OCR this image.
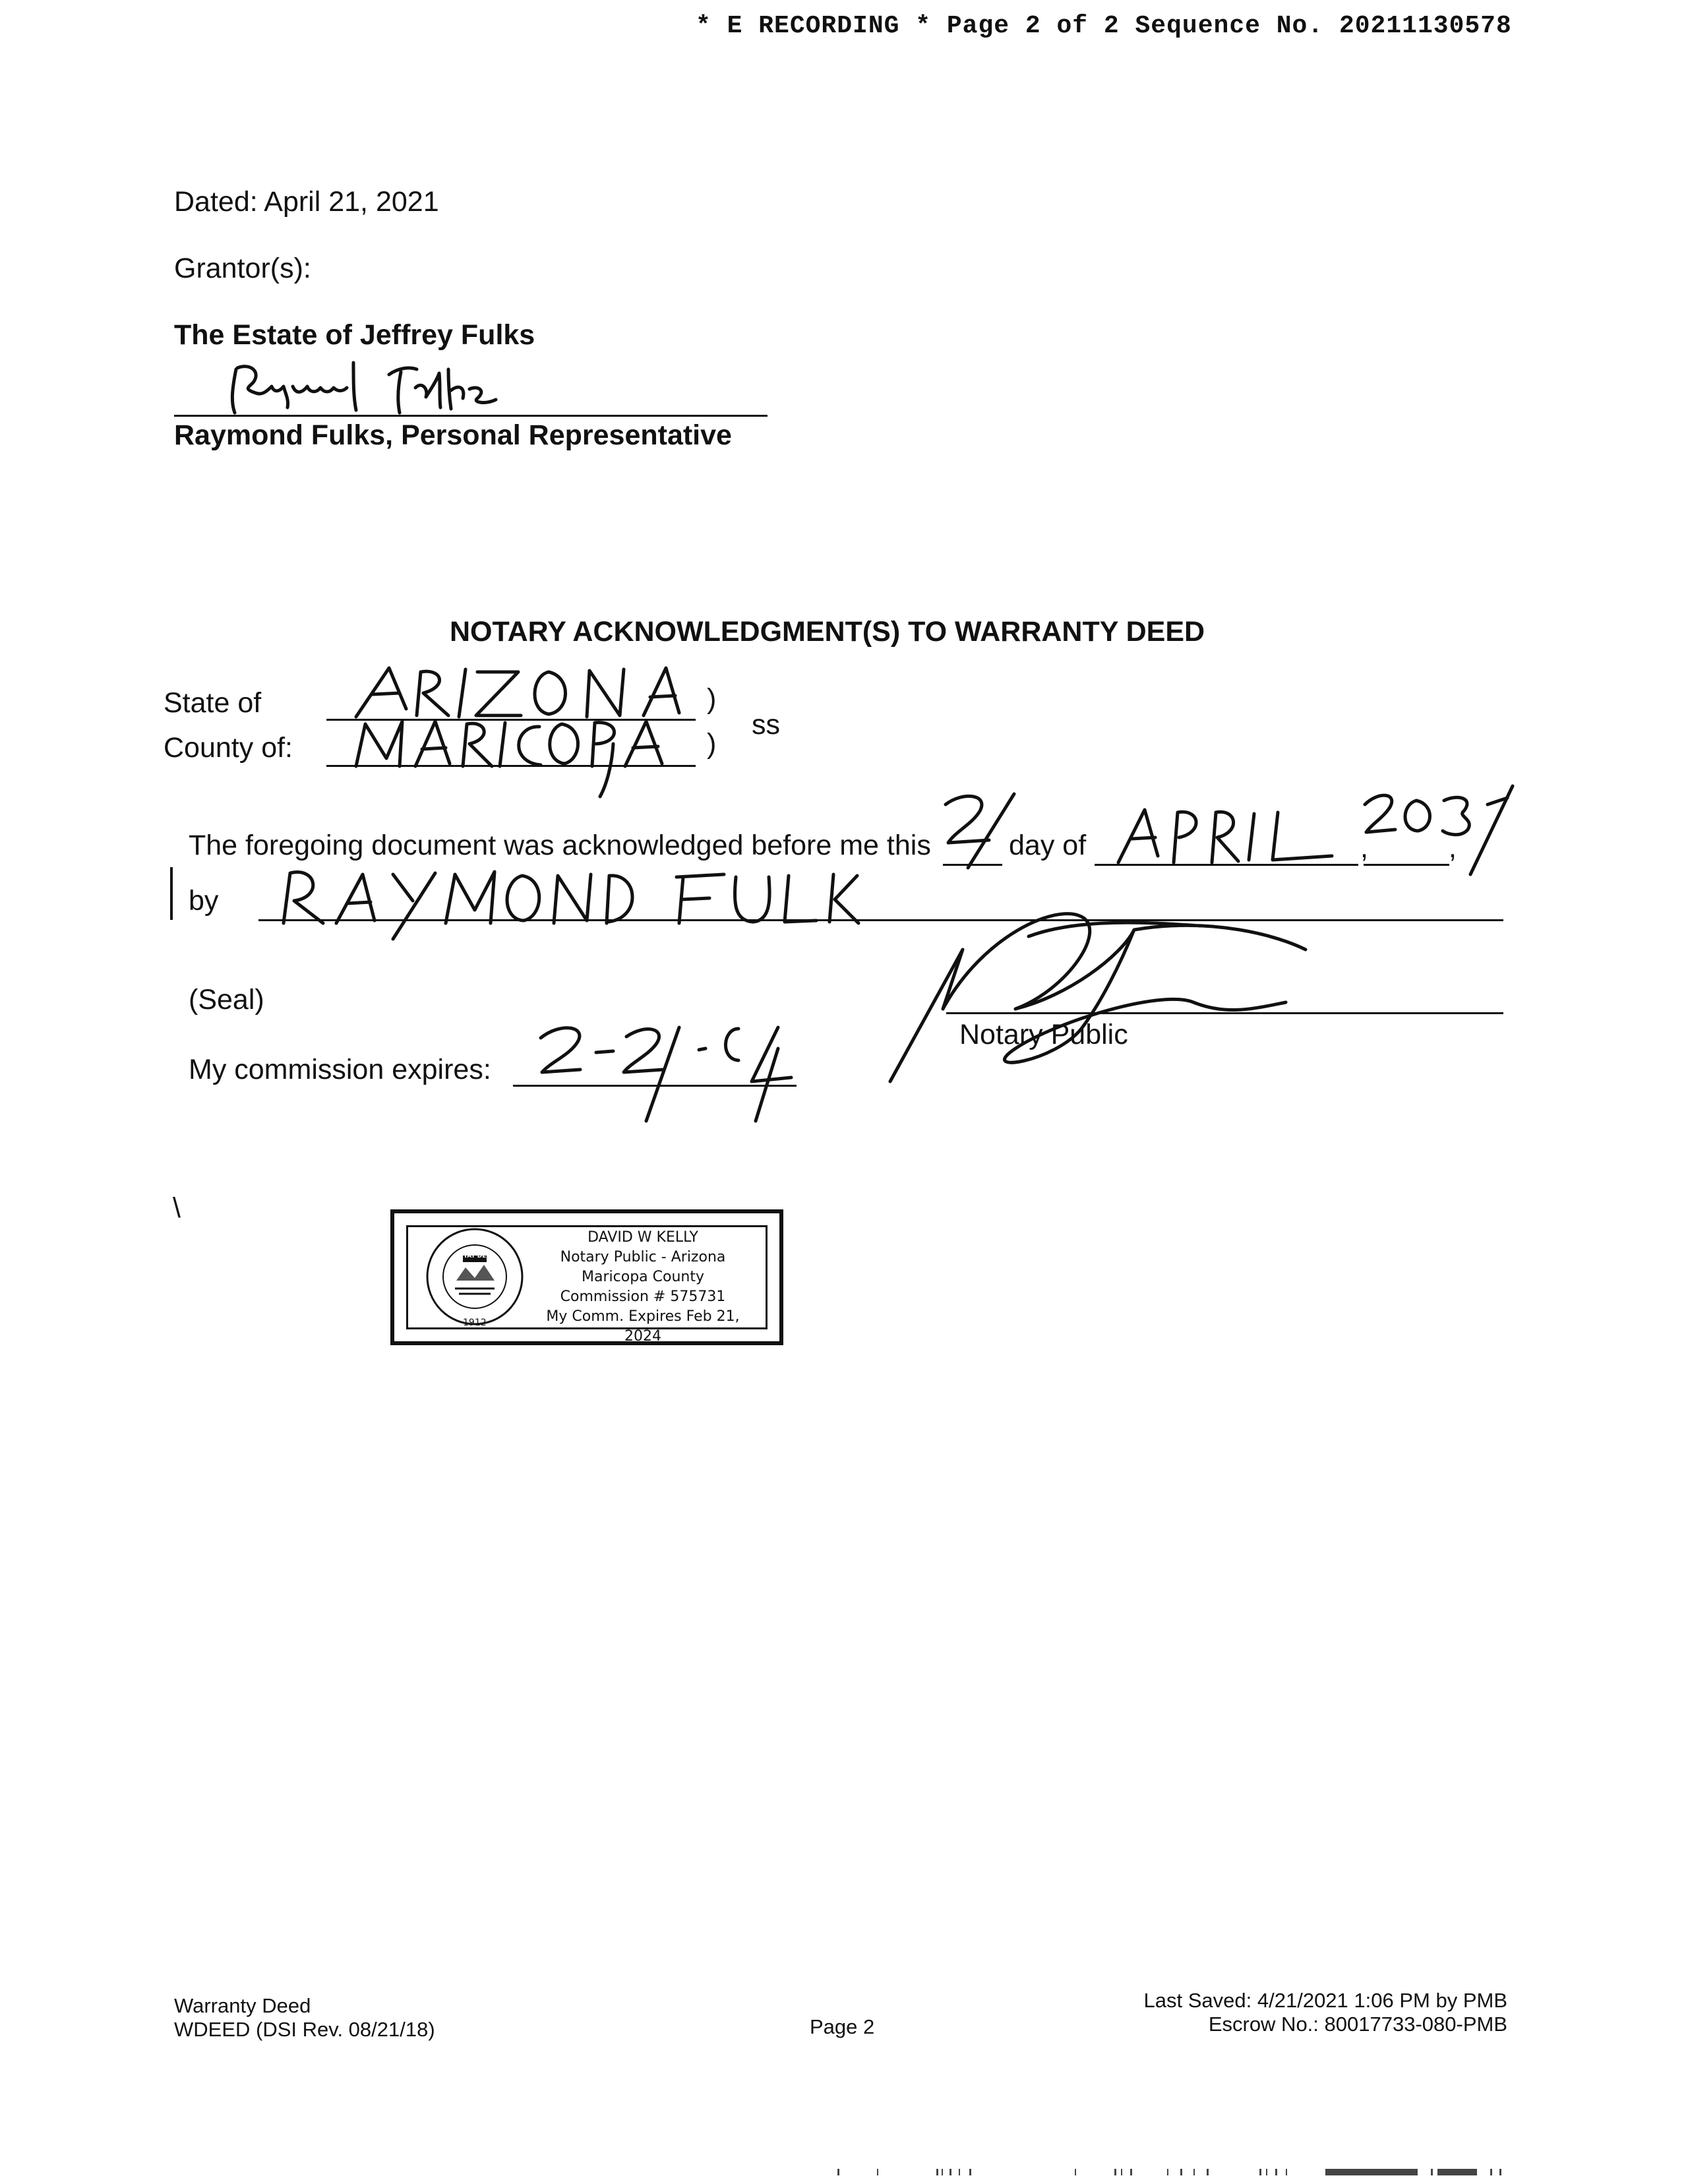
* E RECORDING * Page 2 of 2 Sequence No. 20211130578
Dated: April 21, 2021
Grantor(s):
The Estate of Jeffrey Fulks
Raymond Fulks, Personal Representative
NOTARY ACKNOWLEDGMENT(S) TO WARRANTY DEED
State of	)
County of:	)
ss
The foregoing document was acknowledged before me this	day of	,	,
by
Notary Public
(Seal)
My commission expires:
\
1912
DITAT DEUS
DAVID W KELLY
Notary Public - Arizona
Maricopa County
Commission # 575731
My Comm. Expires Feb 21, 2024
Warranty Deed
WDEED (DSI Rev. 08/21/18)	Page 2
Last Saved: 4/21/2021 1:06 PM by PMB
Escrow No.: 80017733-080-PMB
